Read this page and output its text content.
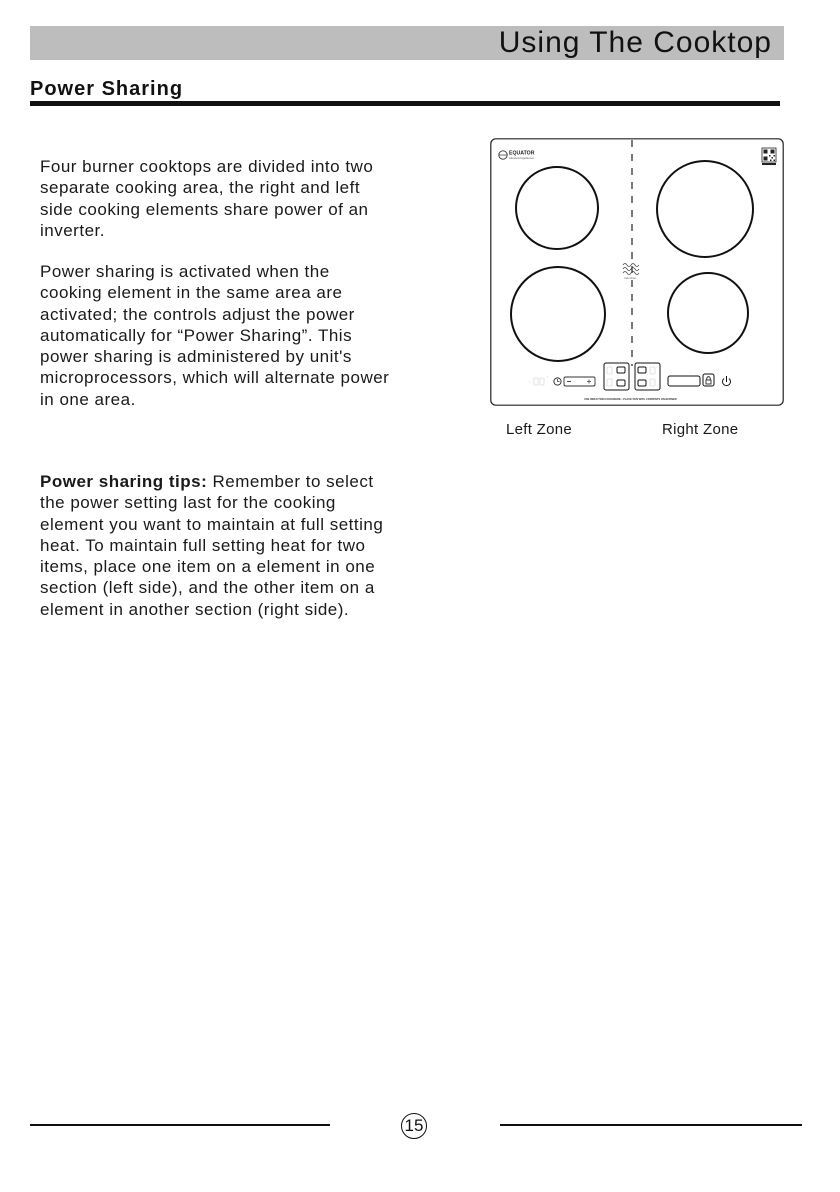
Using The Cooktop
Power Sharing
Four burner cooktops are divided into two separate cooking area, the right and left side cooking elements share power of an inverter.
Power sharing is activated when the cooking element in the same area are activated; the controls adjust the power automatically for “Power Sharing”. This power sharing is administered by unit's microprocessors, which will alternate power in one area.
Power sharing tips: Remember to select the power setting last for the cooking element you want to maintain at full setting heat. To maintain full setting heat for two items, place one item on a element in one section (left side), and the other item on a element in another section (right side).
EQUATOR
Advanced Appliances
Induction
·
·
·	·
USE INDUCTION COOKWARE • PLACE PAN WITH CONTENTS ON BURNER
Left Zone	Right Zone
15
